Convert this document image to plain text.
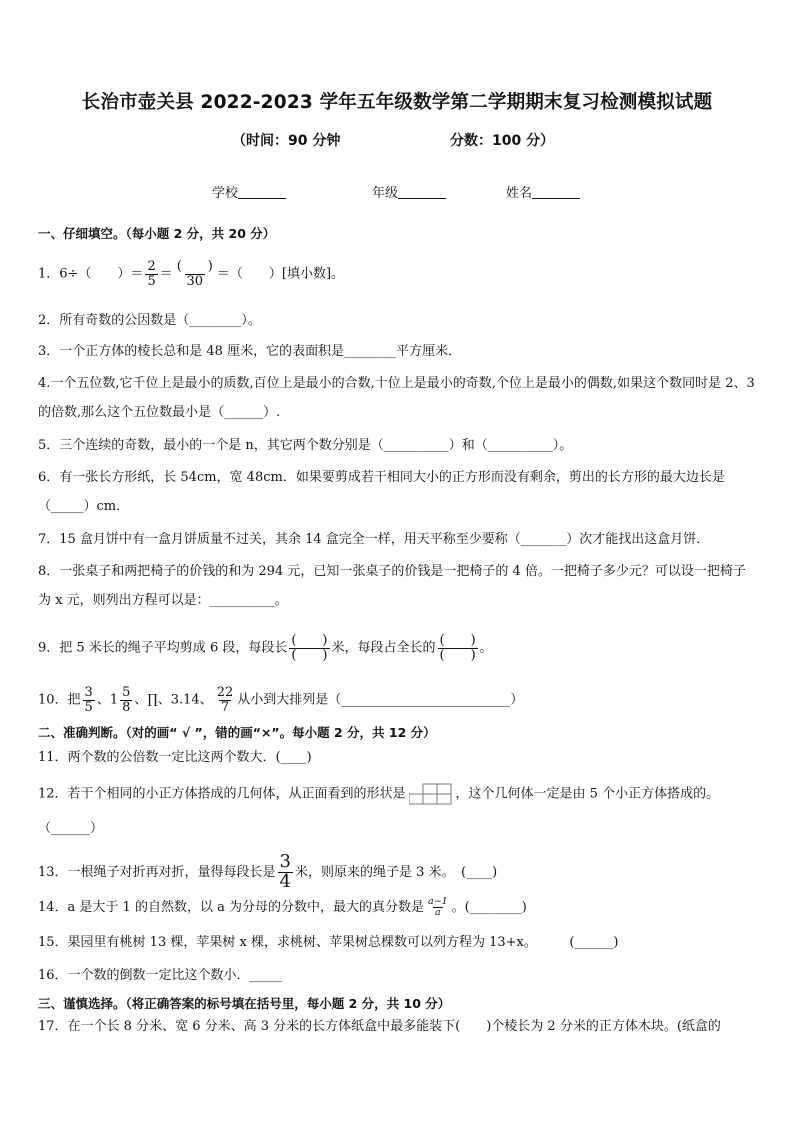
长治市壶关县 2022-2023 学年五年级数学第二学期期末复习检测模拟试题
（时间：90 分钟	分数：100 分）
学校	年级	姓名
一、仔细填空。（每小题 2 分，共 20 分）
1．6÷（　　）＝ $\frac{2}{5} = \frac{( )}{30}$ ＝（　　）[填小数]。
2．所有奇数的公因数是（________）。
3．一个正方体的棱长总和是 48 厘米，它的表面积是________平方厘米．
4.一个五位数,它千位上是最小的质数,百位上是最小的合数,十位上是最小的奇数,个位上是最小的偶数,如果这个数同时是 2、3 的倍数,那么这个五位数最小是（______）.
5．三个连续的奇数，最小的一个是 n，其它两个数分别是（__________）和（__________）。
6．有一张长方形纸，长 54cm，宽 48cm．如果要剪成若干相同大小的正方形而没有剩余，剪出的长方形的最大边长是（_____）cm．
7．15 盒月饼中有一盒月饼质量不过关，其余 14 盒完全一样，用天平称至少要称（_______）次才能找出这盒月饼．
8．一张桌子和两把椅子的价钱的和为 294 元，已知一张桌子的价钱是一把椅子的 4 倍。一把椅子多少元？可以设一把椅子为 x 元，则列出方程可以是：__________。
9．把 5 米长的绳子平均剪成 6 段，每段长 $\frac{( )}{( )}$ 米，每段占全长的 $\frac{( )}{( )}$ 。
10．把 $\frac{3}{5}$ 、$1 \frac{5}{8}$ 、∏、3.14、 $\frac{22}{7}$ 从小到大排列是（__________________________）
二、准确判断。（对的画“ √ ”，错的画“×”。每小题 2 分，共 12 分）
11．两个数的公倍数一定比这两个数大．(____)
12．若干个相同的小正方体搭成的几何体，从正面看到的形状是	，这个几何体一定是由 5 个小正方体搭成的。
（______）
13．一根绳子对折再对折，量得每段长是 $\frac{3}{4}$ 米，则原来的绳子是 3 米。　(____)
14．a 是大于 1 的自然数，以 a 为分母的分数中，最大的真分数是 $\frac{a-1}{a}$ 。(________)
15．果园里有桃树 13 棵，苹果树 x 棵，求桃树、苹果树总棵数可以列方程为 13+x。　　　(______)
16．一个数的倒数一定比这个数小．_____
三、谨慎选择。（将正确答案的标号填在括号里，每小题 2 分，共 10 分）
17．在一个长 8 分米、宽 6 分米、高 3 分米的长方体纸盒中最多能装下(　　)个棱长为 2 分米的正方体木块。(纸盒的
